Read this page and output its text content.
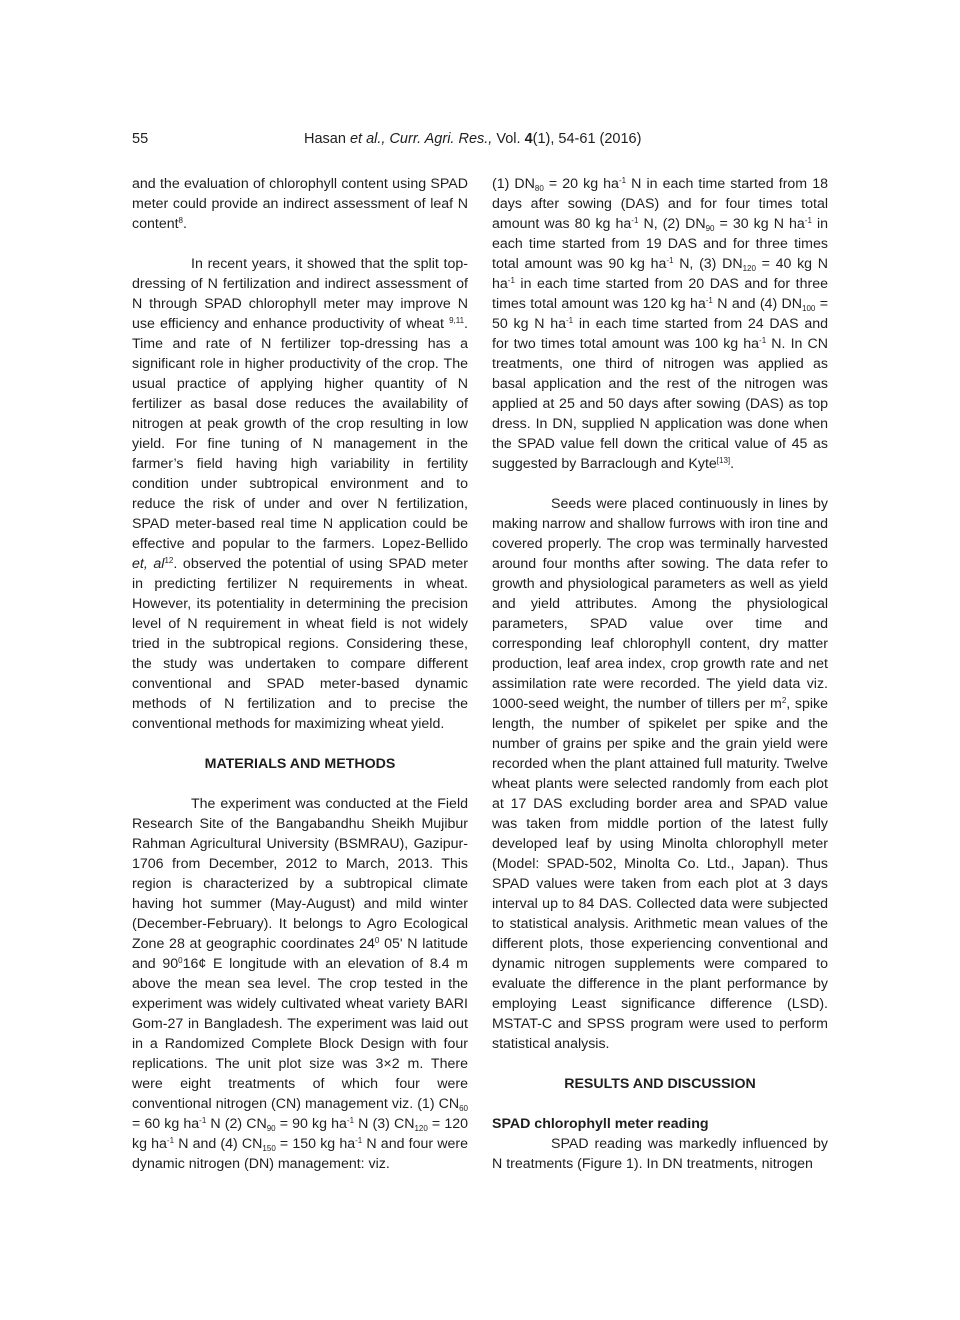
55	Hasan et al., Curr. Agri. Res., Vol. 4(1), 54-61 (2016)

and the evaluation of chlorophyll content using SPAD meter could provide an indirect assessment of leaf N content$^8$.

In recent years, it showed that the split top-dressing of N fertilization and indirect assessment of N through SPAD chlorophyll meter may improve N use efficiency and enhance productivity of wheat $^{9,11}$. Time and rate of N fertilizer top-dressing has a significant role in higher productivity of the crop. The usual practice of applying higher quantity of N fertilizer as basal dose reduces the availability of nitrogen at peak growth of the crop resulting in low yield. For fine tuning of N management in the farmer’s field having high variability in fertility condition under subtropical environment and to reduce the risk of under and over N fertilization, SPAD meter-based real time N application could be effective and popular to the farmers. Lopez-Bellido et, $al^{12}$. observed the potential of using SPAD meter in predicting fertilizer N requirements in wheat. However, its potentiality in determining the precision level of N requirement in wheat field is not widely tried in the subtropical regions. Considering these, the study was undertaken to compare different conventional and SPAD meter-based dynamic methods of N fertilization and to precise the conventional methods for maximizing wheat yield.

MATERIALS AND METHODS

The experiment was conducted at the Field Research Site of the Bangabandhu Sheikh Mujibur Rahman Agricultural University (BSMRAU), Gazipur-1706 from December, 2012 to March, 2013. This region is characterized by a subtropical climate having hot summer (May-August) and mild winter (December-February). It belongs to Agro Ecological Zone 28 at geographic coordinates $24^0$ 05' N latitude and $90^016¢$ E longitude with an elevation of 8.4 m above the mean sea level. The crop tested in the experiment was widely cultivated wheat variety BARI Gom-27 in Bangladesh. The experiment was laid out in a Randomized Complete Block Design with four replications. The unit plot size was 3×2 m. There were eight treatments of which four were conventional nitrogen (CN) management viz. (1) $CN_{60} = 60$ kg $ha^{-1}$ N (2) $CN_{90} = 90$ kg $ha^{-1}$ N (3) $CN_{120} = 120$ kg $ha^{-1}$ N and (4) $CN_{150} = 150$ kg $ha^{-1}$ N and four were dynamic nitrogen (DN) management: viz.

(1) $DN_{80} = 20$ kg $ha^{-1}$ N in each time started from 18 days after sowing (DAS) and for four times total amount was 80 kg $ha^{-1}$ N, (2) $DN_{90} = 30$ kg N $ha^{-1}$ in each time started from 19 DAS and for three times total amount was 90 kg $ha^{-1}$ N, (3) $DN_{120} = 40$ kg N $ha^{-1}$ in each time started from 20 DAS and for three times total amount was 120 kg $ha^{-1}$ N and (4) $DN_{100} = 50$ kg N $ha^{-1}$ in each time started from 24 DAS and for two times total amount was 100 kg $ha^{-1}$ N. In CN treatments, one third of nitrogen was applied as basal application and the rest of the nitrogen was applied at 25 and 50 days after sowing (DAS) as top dress. In DN, supplied N application was done when the SPAD value fell down the critical value of 45 as suggested by Barraclough and Kyte[13].

Seeds were placed continuously in lines by making narrow and shallow furrows with iron tine and covered properly. The crop was terminally harvested around four months after sowing. The data refer to growth and physiological parameters as well as yield and yield attributes. Among the physiological parameters, SPAD value over time and corresponding leaf chlorophyll content, dry matter production, leaf area index, crop growth rate and net assimilation rate were recorded. The yield data viz. 1000-seed weight, the number of tillers per $m^2$, spike length, the number of spikelet per spike and the number of grains per spike and the grain yield were recorded when the plant attained full maturity. Twelve wheat plants were selected randomly from each plot at 17 DAS excluding border area and SPAD value was taken from middle portion of the latest fully developed leaf by using Minolta chlorophyll meter (Model: SPAD-502, Minolta Co. Ltd., Japan). Thus SPAD values were taken from each plot at 3 days interval up to 84 DAS. Collected data were subjected to statistical analysis. Arithmetic mean values of the different plots, those experiencing conventional and dynamic nitrogen supplements were compared to evaluate the difference in the plant performance by employing Least significance difference (LSD). MSTAT-C and SPSS program were used to perform statistical analysis.

RESULTS AND DISCUSSION
SPAD chlorophyll meter reading

SPAD reading was markedly influenced by N treatments (Figure 1). In DN treatments, nitrogen
